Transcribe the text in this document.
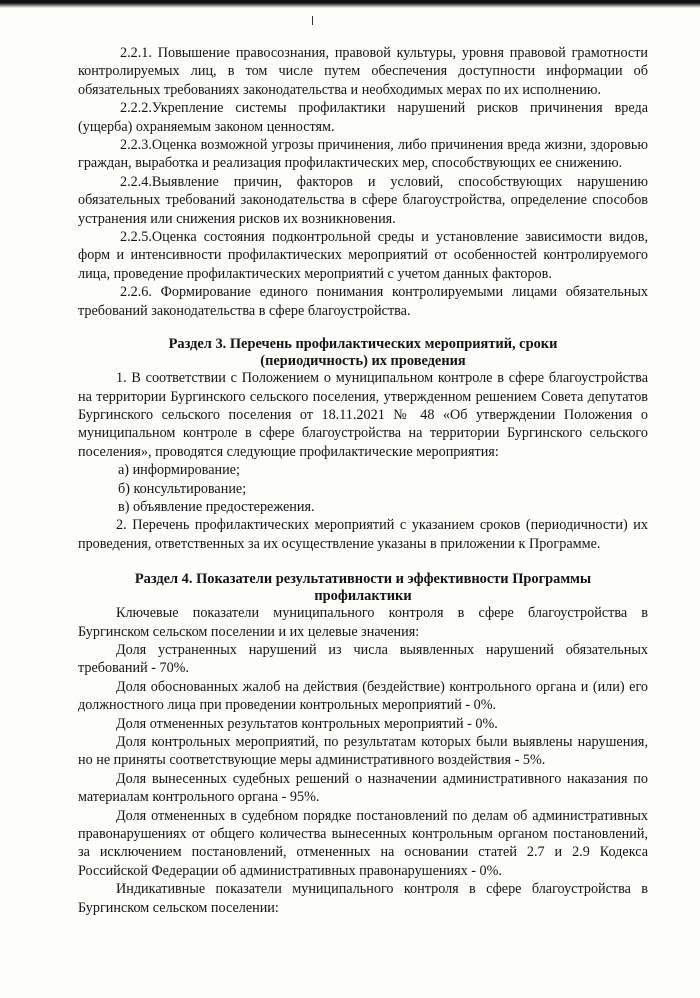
2.2.1. Повышение правосознания, правовой культуры, уровня правовой грамотности контролируемых лиц, в том числе путем обеспечения доступности информации об обязательных требованиях законодательства и необходимых мерах по их исполнению.

2.2.2.Укрепление системы профилактики нарушений рисков причинения вреда (ущерба) охраняемым законом ценностям.

2.2.3.Оценка возможной угрозы причинения, либо причинения вреда жизни, здоровью граждан, выработка и реализация профилактических мер, способствующих ее снижению.

2.2.4.Выявление причин, факторов и условий, способствующих нарушению обязательных требований законодательства в сфере благоустройства, определение способов устранения или снижения рисков их возникновения.

2.2.5.Оценка состояния подконтрольной среды и установление зависимости видов, форм и интенсивности профилактических мероприятий от особенностей контролируемого лица, проведение профилактических мероприятий с учетом данных факторов.

2.2.6. Формирование единого понимания контролируемыми лицами обязательных требований законодательства в сфере благоустройства.

Раздел 3. Перечень профилактических мероприятий, сроки

(периодичность) их проведения

1. В соответствии с Положением о муниципальном контроле в сфере благоустройства на территории Бургинского сельского поселения, утвержденном решением Совета депутатов Бургинского сельского поселения от 18.11.2021 № 48 «Об утверждении Положения о муниципальном контроле в сфере благоустройства на территории Бургинского сельского поселения», проводятся следующие профилактические мероприятия:

а) информирование;
б) консультирование;
в) объявление предостережения.

2. Перечень профилактических мероприятий с указанием сроков (периодичности) их проведения, ответственных за их осуществление указаны в приложении к Программе.

Раздел 4. Показатели результативности и эффективности Программы

профилактики

Ключевые показатели муниципального контроля в сфере благоустройства в Бургинском сельском поселении и их целевые значения:

Доля устраненных нарушений из числа выявленных нарушений обязательных требований - 70%.

Доля обоснованных жалоб на действия (бездействие) контрольного органа и (или) его должностного лица при проведении контрольных мероприятий - 0%.

Доля отмененных результатов контрольных мероприятий - 0%.

Доля контрольных мероприятий, по результатам которых были выявлены нарушения, но не приняты соответствующие меры административного воздействия - 5%.

Доля вынесенных судебных решений о назначении административного наказания по материалам контрольного органа - 95%.

Доля отмененных в судебном порядке постановлений по делам об административных правонарушениях от общего количества вынесенных контрольным органом постановлений, за исключением постановлений, отмененных на основании статей 2.7 и 2.9 Кодекса Российской Федерации об административных правонарушениях - 0%.

Индикативные показатели муниципального контроля в сфере благоустройства в Бургинском сельском поселении:
